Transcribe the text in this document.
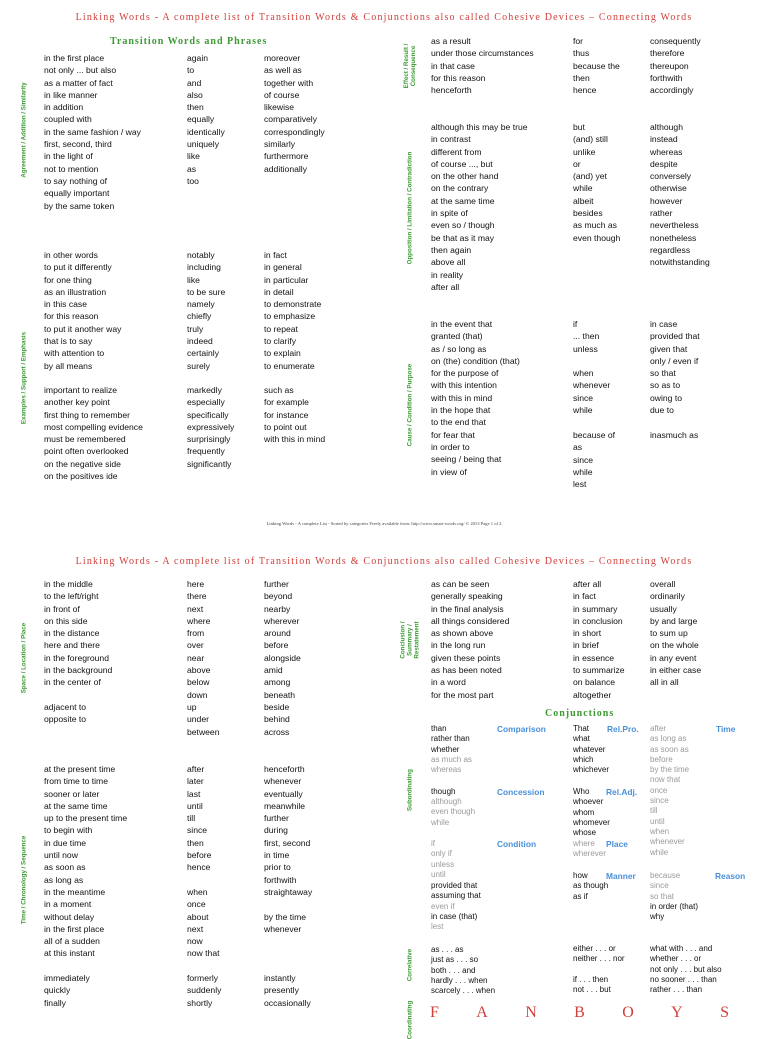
Linking Words - A complete list of Transition Words & Conjunctions also called Cohesive Devices – Connecting Words
Transition Words and Phrases
Agreement / Addition / Similarity
in the first place
not only ... but also
as a matter of fact
in like manner
in addition
coupled with
in the same fashion / way
first, second, third
in the light of
not to mention
to say nothing of
equally important
by the same token
again
to
and
also
then
equally
identically
uniquely
like
as
too
moreover
as well as
together with
of course
likewise
comparatively
correspondingly
similarly
furthermore
additionally
Examples / Support / Emphasis
in other words
to put it differently
for one thing
as an illustration
in this case
for this reason
to put it another way
that is to say
with attention to
by all means
notably
including
like
to be sure
namely
chiefly
truly
indeed
certainly
surely
in fact
in general
in particular
in detail
to demonstrate
to emphasize
to repeat
to clarify
to explain
to enumerate
important to realize
another key point
first thing to remember
most compelling evidence
must be remembered
point often overlooked
on the negative side
on the positives ide
markedly
especially
specifically
expressively
surprisingly
frequently
significantly
such as
for example
for instance
to point out
with this in mind
Effect / Result / Consequence
as a result
under those circumstances
in that case
for this reason
henceforth
for
thus
because the
then
hence
consequently
therefore
thereupon
forthwith
accordingly
Opposition / Limitation / Contradiction
although this may be true
in contrast
different from
of course ..., but
on the other hand
on the contrary
at the same time
in spite of
even so / though
be that as it may
then again
above all
in reality
after all
but
(and) still
unlike
or
(and) yet
while
albeit
besides
as much as
even though
although
instead
whereas
despite
conversely
otherwise
however
rather
nevertheless
nonetheless
regardless
notwithstanding
Cause / Condition / Purpose
in the event that
granted (that)
as / so long as
on (the) condition (that)
for the purpose of
with this intention
with this in mind
in the hope that
to the end that
for fear that
in order to
seeing / being that
in view of
if
... then
unless
when
whenever
since
while
because of
as
since
while
lest
in case
provided that
given that
only / even if
so that
so as to
owing to
due to
inasmuch as
Linking Words - A complete List - Sorted by categories Freely available from: http://www.smart-words.org/ © 2013 Page 1 of 2
Linking Words - A complete list of Transition Words & Conjunctions also called Cohesive Devices – Connecting Words
Space / Location / Place
in the middle
to the left/right
in front of
on this side
in the distance
here and there
in the foreground
in the background
in the center of
adjacent to
opposite to
here
there
next
where
from
over
near
above
below
down
up
under
between
further
beyond
nearby
wherever
around
before
alongside
amid
among
beneath
beside
behind
across
Time / Chronology / Sequence
at the present time
from time to time
sooner or later
at the same time
up to the present time
to begin with
in due time
until now
as soon as
as long as
in the meantime
in a moment
without delay
in the first place
all of a sudden
at this instant
after
later
last
until
till
since
then
before
hence
when
once
about
next
now
now that
henceforth
whenever
eventually
meanwhile
further
during
first, second
in time
prior to
forthwith
straightaway
by the time
whenever
immediately
quickly
finally
formerly
suddenly
shortly
instantly
presently
occasionally
Conclusion / Summary / Restatement
as can be seen
generally speaking
in the final analysis
all things considered
as shown above
in the long run
given these points
as has been noted
in a word
for the most part
after all
in fact
in summary
in conclusion
in short
in brief
in essence
to summarize
on balance
altogether
overall
ordinarily
usually
by and large
to sum up
on the whole
in any event
in either case
all in all
Conjunctions
Subordinating
than
rather than
whether
as much as
whereas
Comparison
though
although
even though
while
Concession
if
only if
unless
until
provided that
assuming that
even if
in case (that)
lest
Condition
That
what
whatever
which
whichever
Rel.Pro.
Who
whoever
whom
whomever
whose
Rel.Adj.
where
wherever
Place
how
as though
as if
Manner
after
as long as
as soon as
before
by the time
now that
once
since
till
until
when
whenever
while
Time
because
since
so that
in order (that)
why
Reason
Correlative as . . . as
just as . . . so
both . . . and
hardly . . . when
scarcely . . . when
either . . . or
neither . . . nor
if . . . then
not . . . but
what with . . . and
whether . . . or
not only . . . but also
no sooner . . . than
rather . . . than
Coordinating F A N B O Y S
